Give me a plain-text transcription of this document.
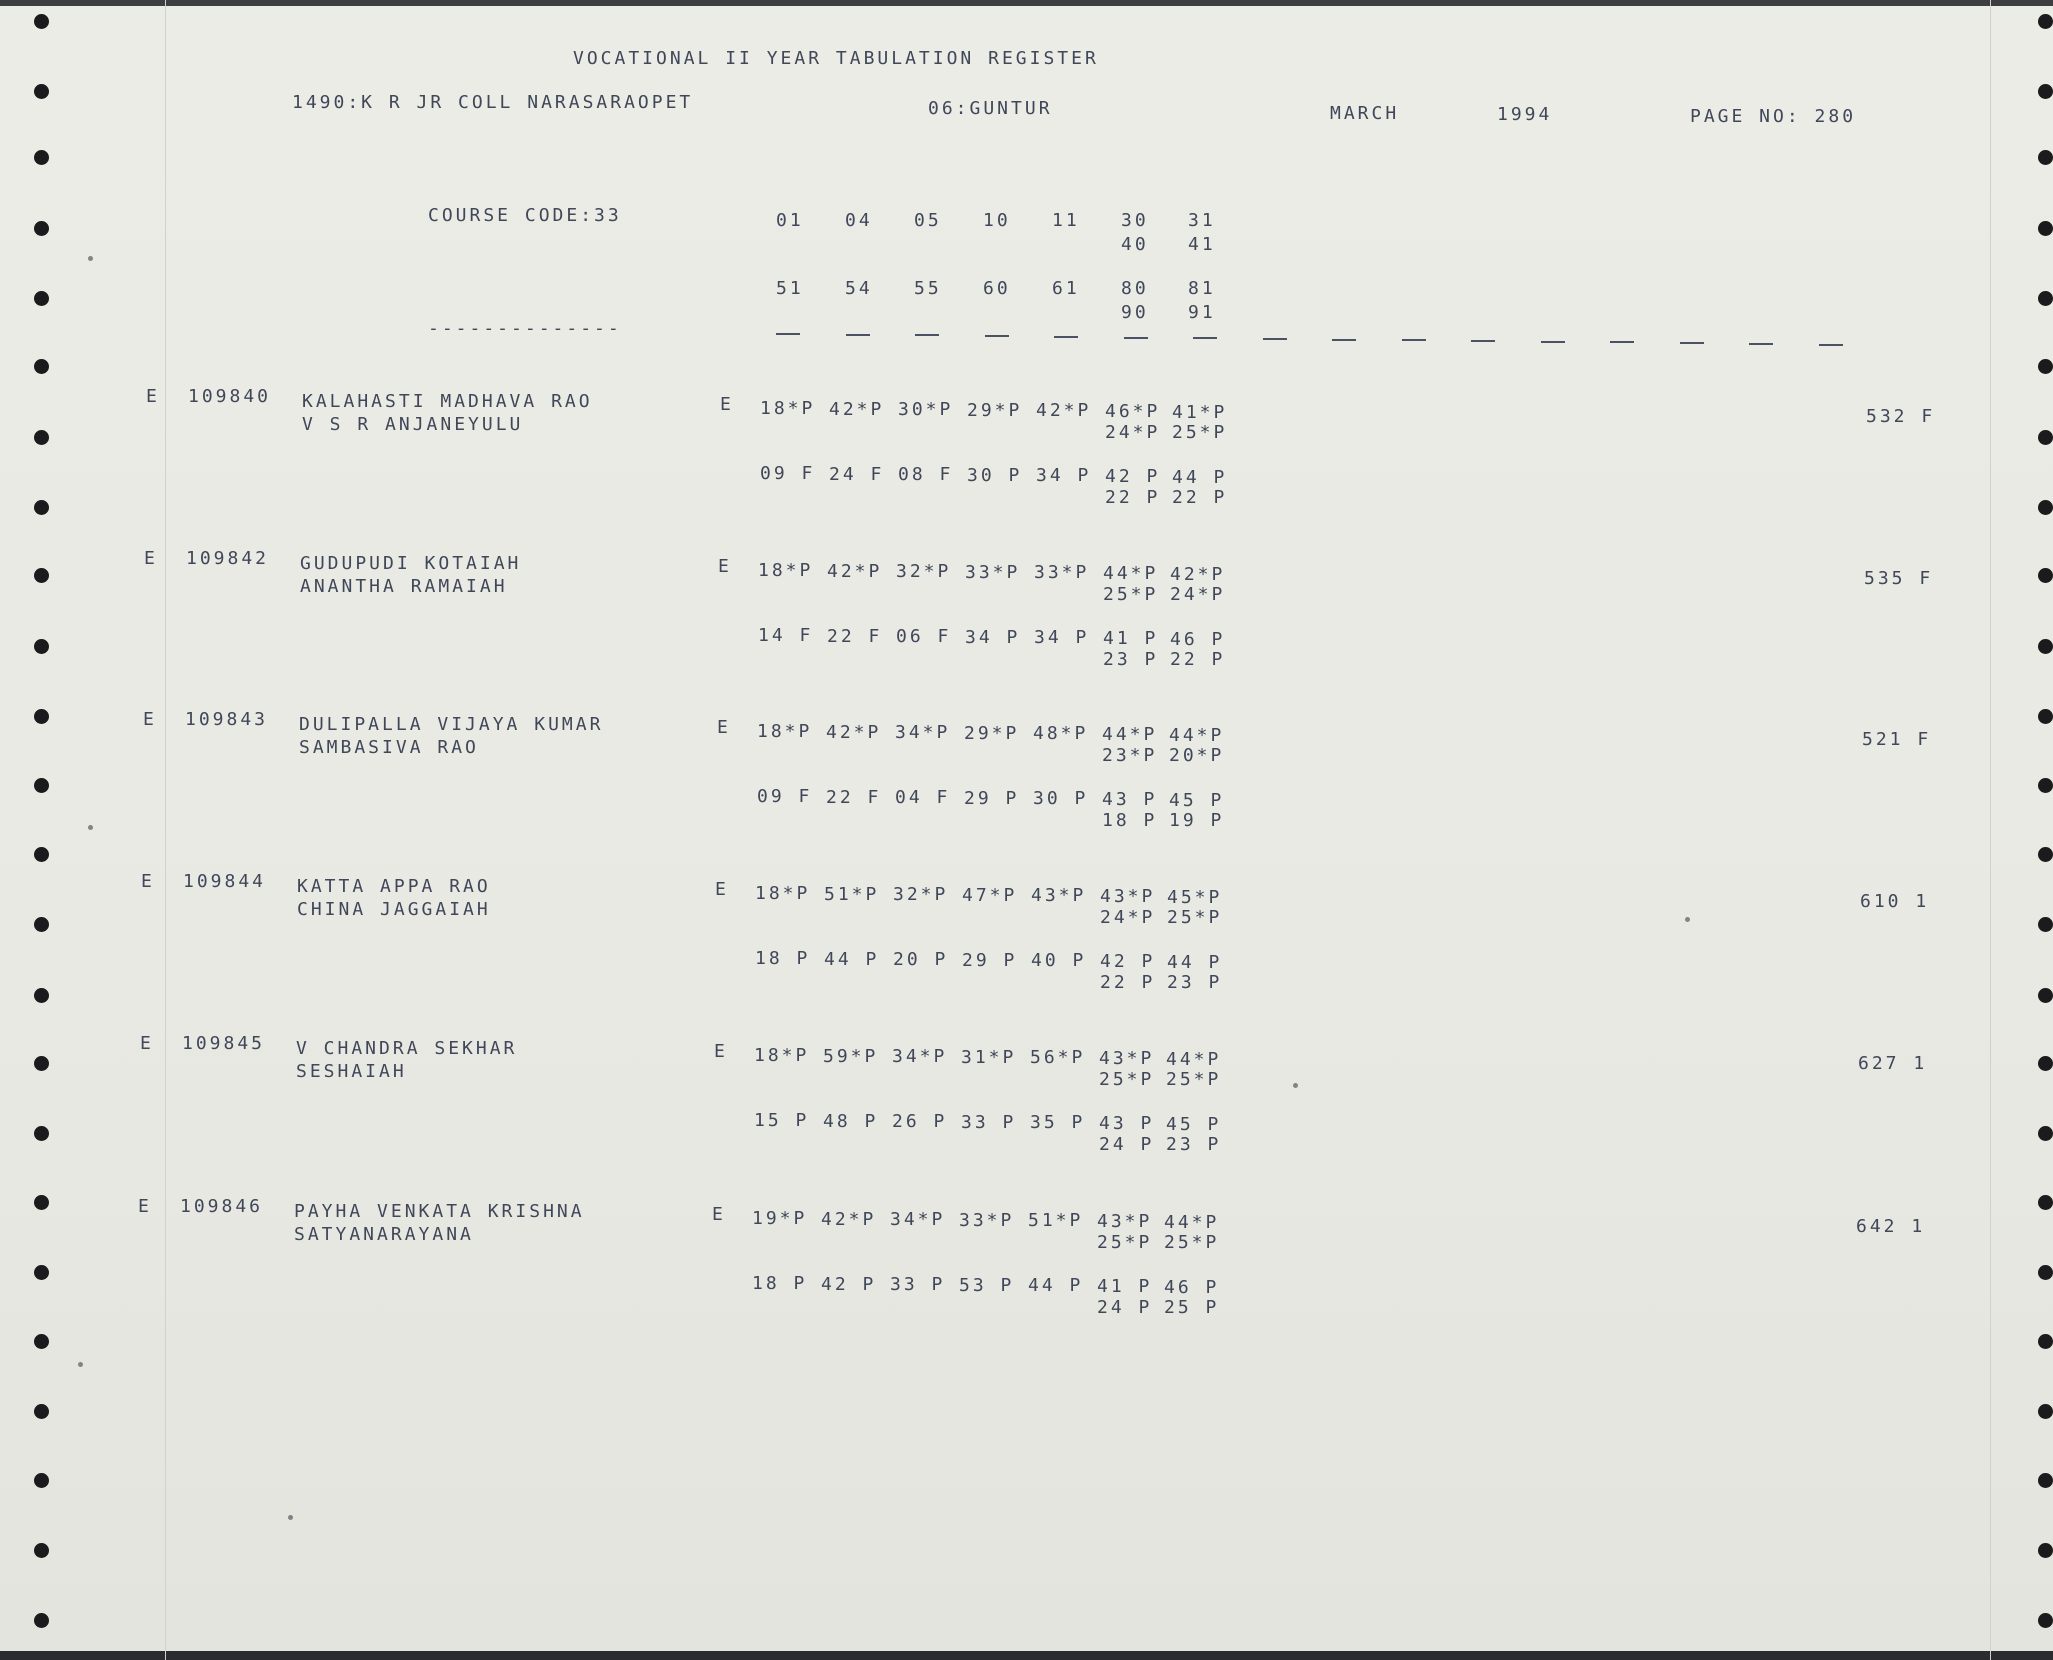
VOCATIONAL II YEAR TABULATION REGISTER
1490:K R JR COLL NARASARAOPET	06:GUNTUR	MARCH	1994	PAGE NO: 280
COURSE CODE:33
--------------
01 04 05 10 11 30 31
40 41
51 54 55 60 61 80 81
90 91
E 109840 KALAHASTI MADHAVA RAO
V S R ANJANEYULU
E 18*P 42*P 30*P 29*P 42*P 46*P 41*P
24*P 25*P
09 F 24 F 08 F 30 P 34 P 42 P 44 P
22 P 22 P
532 F
E 109842 GUDUPUDI KOTAIAH
ANANTHA RAMAIAH
E 18*P 42*P 32*P 33*P 33*P 44*P 42*P
25*P 24*P
14 F 22 F 06 F 34 P 34 P 41 P 46 P
23 P 22 P
535 F
E 109843 DULIPALLA VIJAYA KUMAR
SAMBASIVA RAO
E 18*P 42*P 34*P 29*P 48*P 44*P 44*P
23*P 20*P
09 F 22 F 04 F 29 P 30 P 43 P 45 P
18 P 19 P
521 F
E 109844 KATTA APPA RAO
CHINA JAGGAIAH
E 18*P 51*P 32*P 47*P 43*P 43*P 45*P
24*P 25*P
18 P 44 P 20 P 29 P 40 P 42 P 44 P
22 P 23 P
610 1
E 109845 V CHANDRA SEKHAR
SESHAIAH
E 18*P 59*P 34*P 31*P 56*P 43*P 44*P
25*P 25*P
15 P 48 P 26 P 33 P 35 P 43 P 45 P
24 P 23 P
627 1
E 109846 PAYHA VENKATA KRISHNA
SATYANARAYANA
E 19*P 42*P 34*P 33*P 51*P 43*P 44*P
25*P 25*P
18 P 42 P 33 P 53 P 44 P 41 P 46 P
24 P 25 P
642 1
